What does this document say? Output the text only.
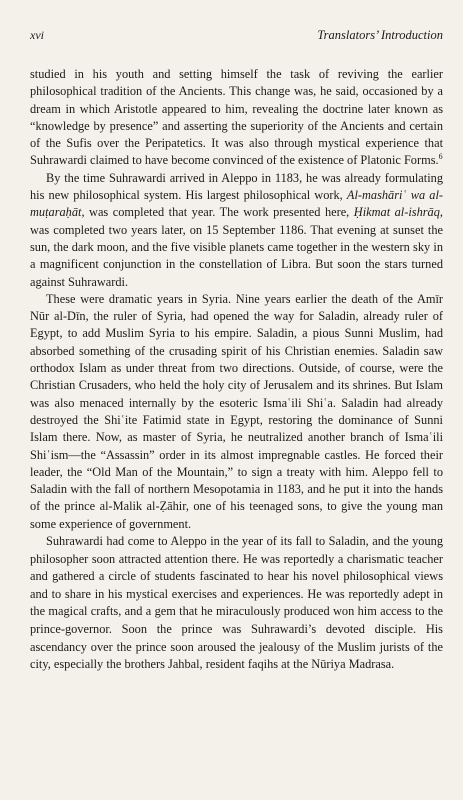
xvi	Translators’ Introduction

studied in his youth and setting himself the task of reviving the earlier philosophical tradition of the Ancients. This change was, he said, occasioned by a dream in which Aristotle appeared to him, revealing the doctrine later known as “knowledge by presence” and asserting the superiority of the Ancients and certain of the Sufis over the Peripatetics. It was also through mystical experience that Suhrawardi claimed to have become convinced of the existence of Platonic Forms.$^6$

By the time Suhrawardi arrived in Aleppo in 1183, he was already formulating his new philosophical system. His largest philosophical work, Al-mashāriʿ wa al-muṭaraḥāt, was completed that year. The work presented here, Ḥikmat al-ishrāq, was completed two years later, on 15 September 1186. That evening at sunset the sun, the dark moon, and the five visible planets came together in the western sky in a magnificent conjunction in the constellation of Libra. But soon the stars turned against Suhrawardi.

These were dramatic years in Syria. Nine years earlier the death of the Amīr Nūr al-Dīn, the ruler of Syria, had opened the way for Saladin, already ruler of Egypt, to add Muslim Syria to his empire. Saladin, a pious Sunni Muslim, had absorbed something of the crusading spirit of his Christian enemies. Saladin saw orthodox Islam as under threat from two directions. Outside, of course, were the Christian Crusaders, who held the holy city of Jerusalem and its shrines. But Islam was also menaced internally by the esoteric Ismaʿili Shiʿa. Saladin had already destroyed the Shiʿite Fatimid state in Egypt, restoring the dominance of Sunni Islam there. Now, as master of Syria, he neutralized another branch of Ismaʿili Shiʿism—the “Assassin” order in its almost impregnable castles. He forced their leader, the “Old Man of the Mountain,” to sign a treaty with him. Aleppo fell to Saladin with the fall of northern Mesopotamia in 1183, and he put it into the hands of the prince al-Malik al-Ẓāhir, one of his teenaged sons, to give the young man some experience of government.

Suhrawardi had come to Aleppo in the year of its fall to Saladin, and the young philosopher soon attracted attention there. He was reportedly a charismatic teacher and gathered a circle of students fascinated to hear his novel philosophical views and to share in his mystical exercises and experiences. He was reportedly adept in the magical crafts, and a gem that he miraculously produced won him access to the prince-governor. Soon the prince was Suhrawardi’s devoted disciple. His ascendancy over the prince soon aroused the jealousy of the Muslim jurists of the city, especially the brothers Jahbal, resident faqihs at the Nūriya Madrasa.
